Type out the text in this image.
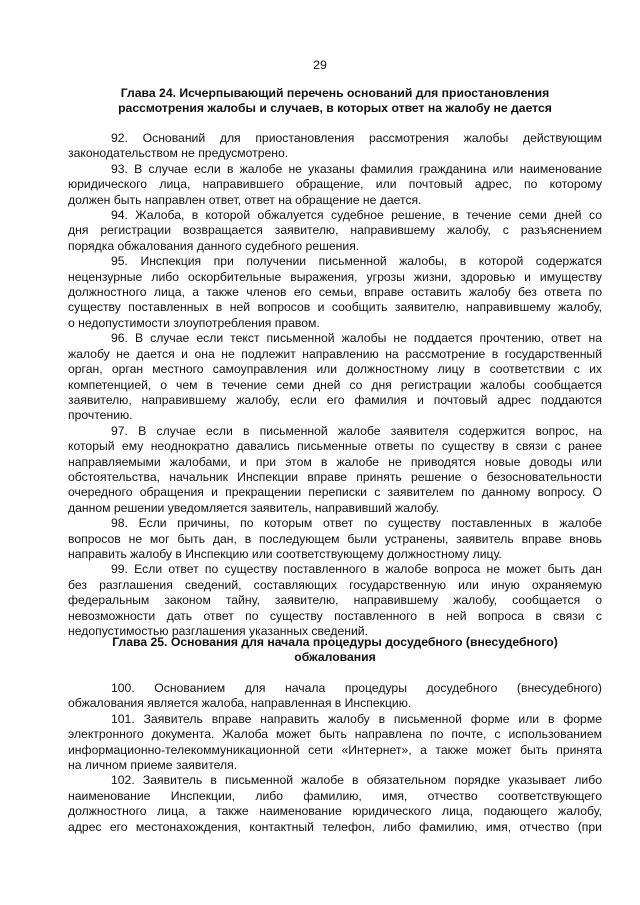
29
Глава 24. Исчерпывающий перечень оснований для приостановления
рассмотрения жалобы и случаев, в которых ответ на жалобу не дается

92. Оснований для приостановления рассмотрения жалобы действующим
законодательством не предусмотрено.

93. В случае если в жалобе не указаны фамилия гражданина или наименование
юридического лица, направившего обращение, или почтовый адрес, по которому
должен быть направлен ответ, ответ на обращение не дается.

94. Жалоба, в которой обжалуется судебное решение, в течение семи дней со
дня регистрации возвращается заявителю, направившему жалобу, с разъяснением
порядка обжалования данного судебного решения.

95. Инспекция при получении письменной жалобы, в которой содержатся
нецензурные либо оскорбительные выражения, угрозы жизни, здоровью и имуществу
должностного лица, а также членов его семьи, вправе оставить жалобу без ответа по
существу поставленных в ней вопросов и сообщить заявителю, направившему жалобу,
о недопустимости злоупотребления правом.

96. В случае если текст письменной жалобы не поддается прочтению, ответ на
жалобу не дается и она не подлежит направлению на рассмотрение в государственный
орган, орган местного самоуправления или должностному лицу в соответствии с их
компетенцией, о чем в течение семи дней со дня регистрации жалобы сообщается
заявителю, направившему жалобу, если его фамилия и почтовый адрес поддаются
прочтению.

97. В случае если в письменной жалобе заявителя содержится вопрос, на
который ему неоднократно давались письменные ответы по существу в связи с ранее
направляемыми жалобами, и при этом в жалобе не приводятся новые доводы или
обстоятельства, начальник Инспекции вправе принять решение о безосновательности
очередного обращения и прекращении переписки с заявителем по данному вопросу. О
данном решении уведомляется заявитель, направивший жалобу.

98. Если причины, по которым ответ по существу поставленных в жалобе
вопросов не мог быть дан, в последующем были устранены, заявитель вправе вновь
направить жалобу в Инспекцию или соответствующему должностному лицу.

99. Если ответ по существу поставленного в жалобе вопроса не может быть дан
без разглашения сведений, составляющих государственную или иную охраняемую
федеральным законом тайну, заявителю, направившему жалобу, сообщается о
невозможности дать ответ по существу поставленного в ней вопроса в связи с
недопустимостью разглашения указанных сведений.

Глава 25. Основания для начала процедуры досудебного (внесудебного)
обжалования

100. Основанием для начала процедуры досудебного (внесудебного)
обжалования является жалоба, направленная в Инспекцию.

101. Заявитель вправе направить жалобу в письменной форме или в форме
электронного документа. Жалоба может быть направлена по почте, с использованием
информационно-телекоммуникационной сети «Интернет», а также может быть принята
на личном приеме заявителя.

102. Заявитель в письменной жалобе в обязательном порядке указывает либо
наименование Инспекции, либо фамилию, имя, отчество соответствующего
должностного лица, а также наименование юридического лица, подающего жалобу,
адрес его местонахождения, контактный телефон, либо фамилию, имя, отчество (при
